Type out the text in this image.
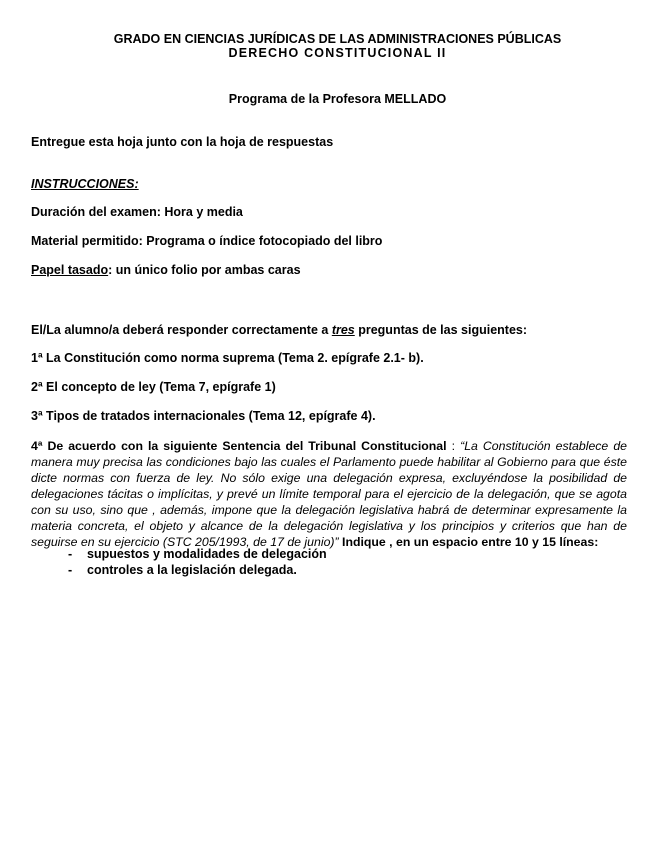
GRADO EN CIENCIAS JURÍDICAS DE LAS ADMINISTRACIONES PÚBLICAS
DERECHO CONSTITUCIONAL II
Programa de la Profesora MELLADO
Entregue esta hoja junto con la hoja de respuestas
INSTRUCCIONES:
Duración del examen: Hora y media
Material permitido: Programa o índice fotocopiado del libro
Papel tasado: un único folio por ambas caras
El/La alumno/a deberá responder correctamente a tres preguntas de las siguientes:
1ª La Constitución como norma suprema (Tema 2. epígrafe 2.1- b).
2ª El concepto de ley (Tema 7, epígrafe 1)
3ª Tipos de tratados internacionales (Tema 12, epígrafe 4).
4ª De acuerdo con la siguiente Sentencia del Tribunal Constitucional : “La Constitución establece de manera muy precisa las condiciones bajo las cuales el Parlamento puede habilitar al Gobierno para que éste dicte normas con fuerza de ley. No sólo exige una delegación expresa, excluyéndose la posibilidad de delegaciones tácitas o implícitas, y prevé un límite temporal para el ejercicio de la delegación, que se agota con su uso, sino que , además, impone que la delegación legislativa habrá de determinar expresamente la materia concreta, el objeto y alcance de la delegación legislativa y los principios y criterios que han de seguirse en su ejercicio (STC 205/1993, de 17 de junio)” Indique , en un espacio entre 10 y 15 líneas:
-	supuestos y modalidades de delegación
-	controles a la legislación delegada.
